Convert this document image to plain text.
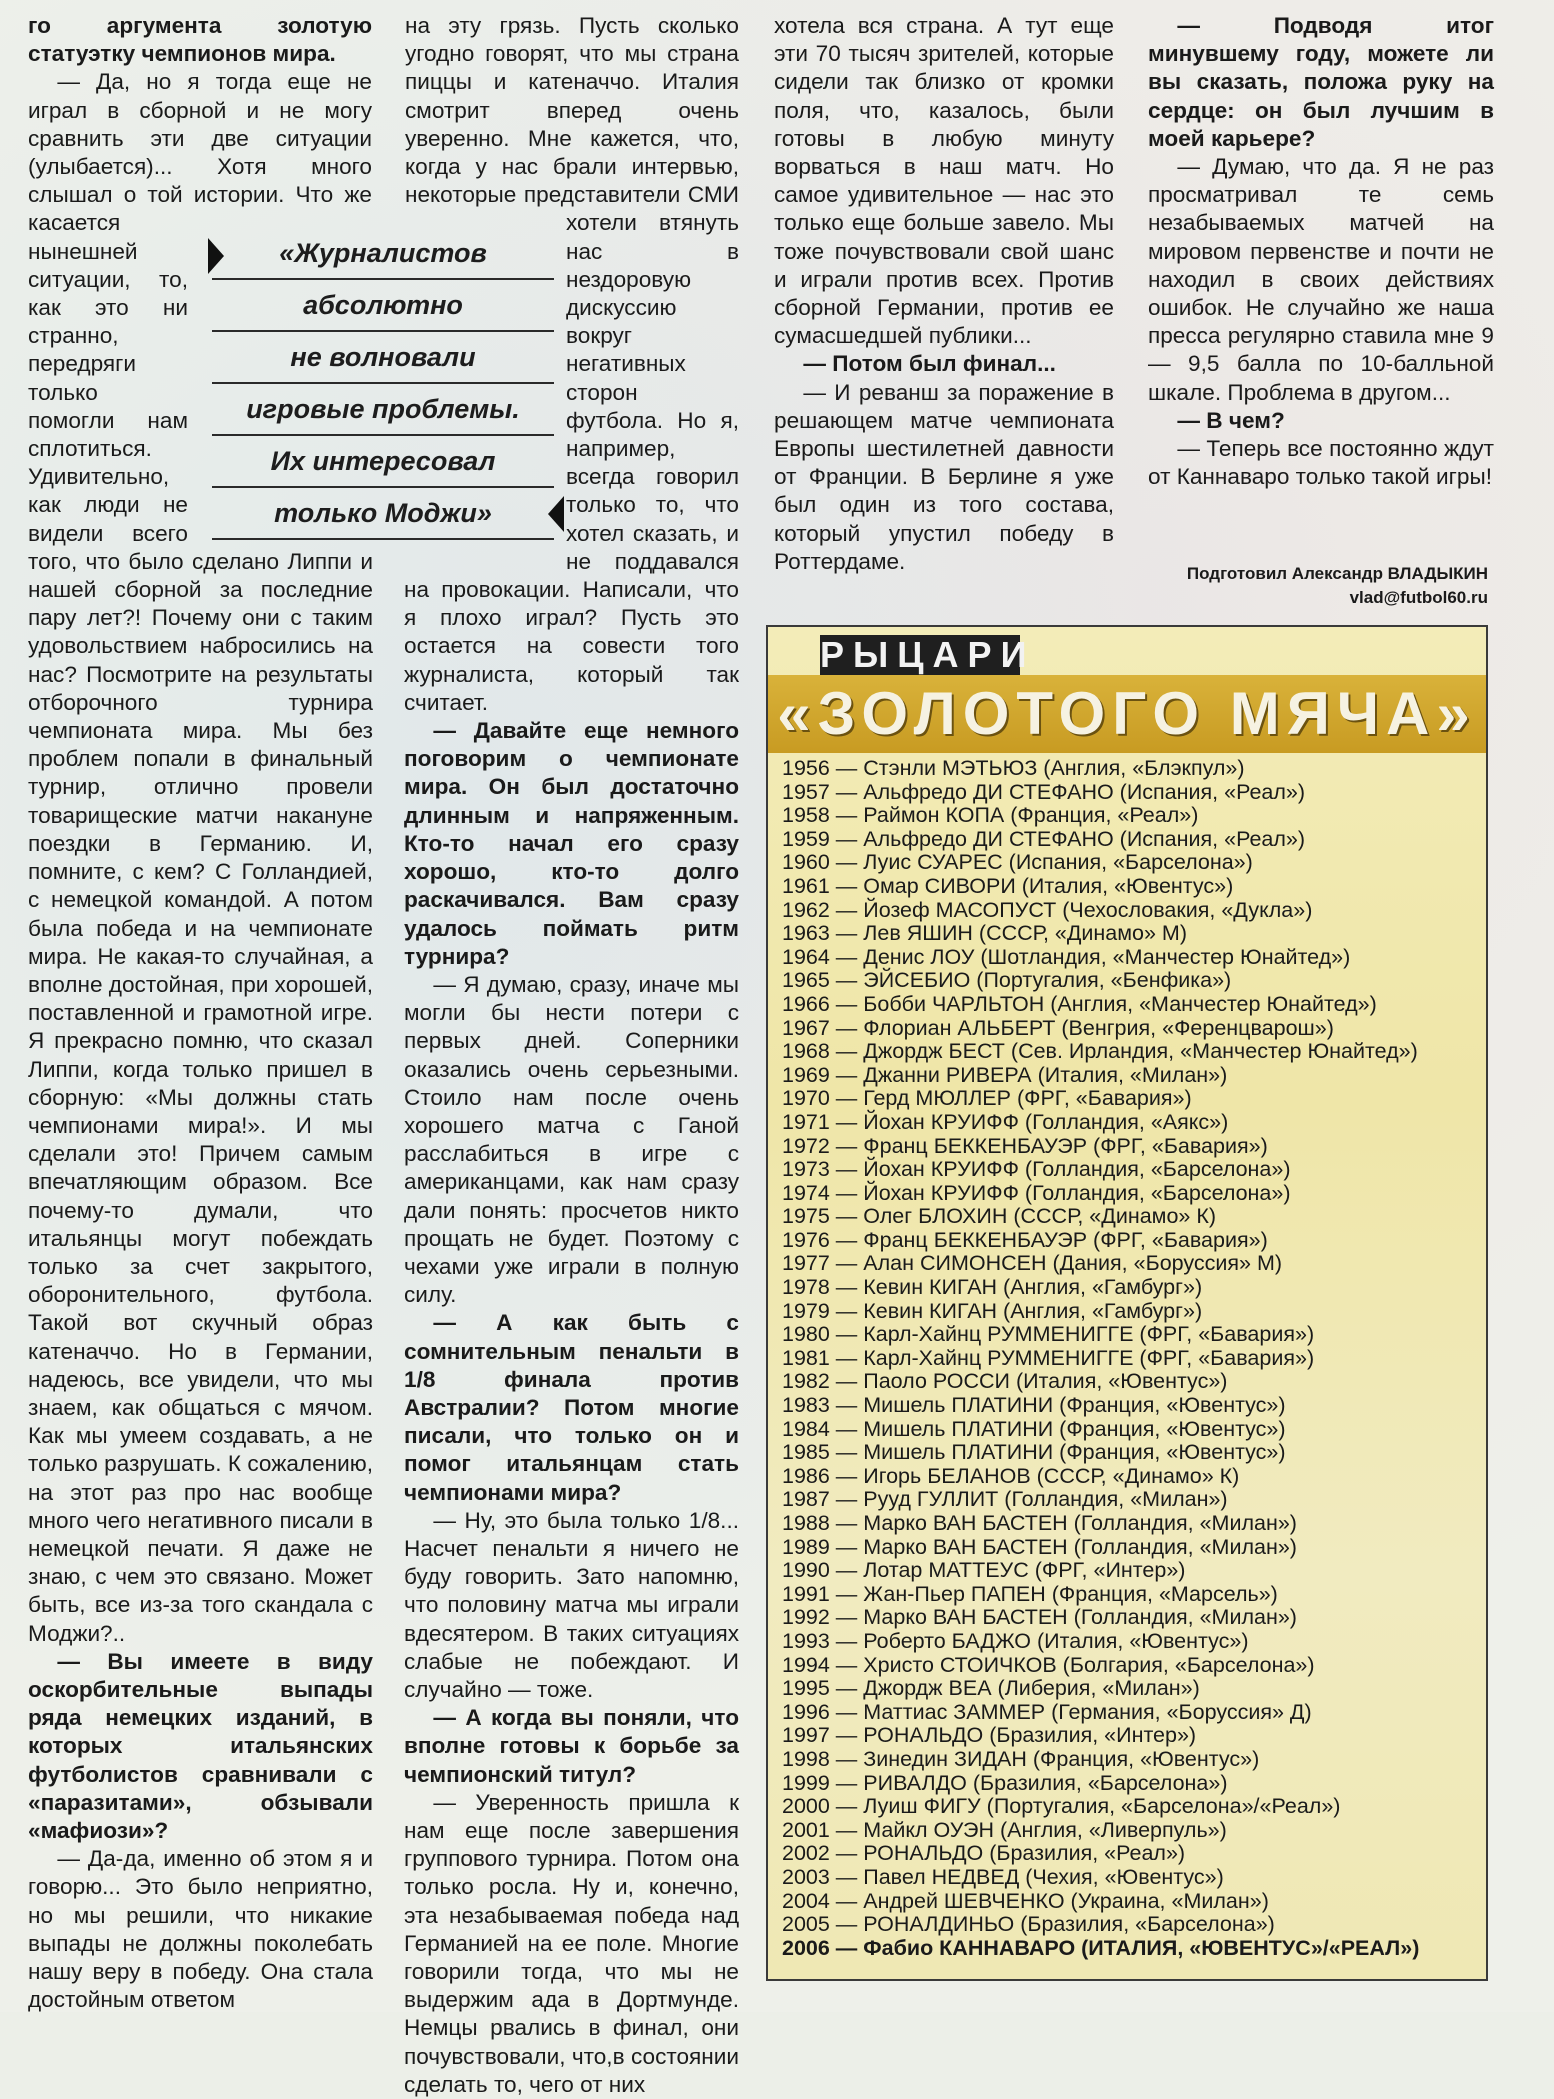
го аргумента золотую статуэтку чемпионов мира.

— Да, но я тогда еще не играл в сборной и не могу сравнить эти две ситуации (улыбается)... Хотя много слышал о той истории. Что же касается нынешней ситуации, то, как это ни странно, передряги только помогли нам сплотиться. Удивительно, как люди не видели всего того, что было сделано Липпи и нашей сборной за последние пару лет?! Почему они с таким удовольствием набросились на нас? Посмотрите на результаты отборочного турнира чемпионата мира. Мы без проблем попали в финальный турнир, отлично провели товарищеские матчи накануне поездки в Германию. И, помните, с кем? С Голландией, с немецкой командой. А потом была победа и на чемпионате мира. Не какая-то случайная, а вполне достойная, при хорошей, поставленной и грамотной игре. Я прекрасно помню, что сказал Липпи, когда только пришел в сборную: «Мы должны стать чемпионами мира!». И мы сделали это! Причем самым впечатляющим образом. Все почему-то думали, что итальянцы могут побеждать только за счет закрытого, оборонительного, футбола. Такой вот скучный образ катеначчо. Но в Германии, надеюсь, все увидели, что мы знаем, как общаться с мячом. Как мы умеем создавать, а не только разрушать. К сожалению, на этот раз про нас вообще много чего негативного писали в немецкой печати. Я даже не знаю, с чем это связано. Может быть, все из-за того скандала с Моджи?..

— Вы имеете в виду оскорбительные выпады ряда немецких изданий, в которых итальянских футболистов сравнивали с «паразитами», обзывали «мафиози»?

— Да-да, именно об этом я и говорю... Это было неприятно, но мы решили, что никакие выпады не должны поколебать нашу веру в победу. Она стала достойным ответом

на эту грязь. Пусть сколько угодно говорят, что мы страна пиццы и катеначчо. Италия смотрит вперед очень уверенно. Мне кажется, что, когда у нас брали интервью, некоторые представители СМИ хотели втянуть нас в нездоровую дискуссию вокруг негативных сторон футбола. Но я, например, всегда говорил только то, что хотел сказать, и не поддавался на провокации. Написали, что я плохо играл? Пусть это остается на совести того журналиста, который так считает.

— Давайте еще немного поговорим о чемпионате мира. Он был достаточно длинным и напряженным. Кто-то начал его сразу хорошо, кто-то долго раскачивался. Вам сразу удалось поймать ритм турнира?

— Я думаю, сразу, иначе мы могли бы нести потери с первых дней. Соперники оказались очень серьезными. Стоило нам после очень хорошего матча с Ганой расслабиться в игре с американцами, как нам сразу дали понять: просчетов никто прощать не будет. Поэтому с чехами уже играли в полную силу.

— А как быть с сомнительным пенальти в 1/8 финала против Австралии? Потом многие писали, что только он и помог итальянцам стать чемпионами мира?

— Ну, это была только 1/8... Насчет пенальти я ничего не буду говорить. Зато напомню, что половину матча мы играли вдесятером. В таких ситуациях слабые не побеждают. И случайно — тоже.

— А когда вы поняли, что вполне готовы к борьбе за чемпионский титул?

— Уверенность пришла к нам еще после завершения группового турнира. Потом она только росла. Ну и, конечно, эта незабываемая победа над Германией на ее поле. Многие говорили тогда, что мы не выдержим ада в Дортмунде. Немцы рвались в финал, они почувствовали, что,в состоянии сделать то, чего от них

хотела вся страна. А тут еще эти 70 тысяч зрителей, которые сидели так близко от кромки поля, что, казалось, были готовы в любую минуту ворваться в наш матч. Но самое удивительное — нас это только еще больше завело. Мы тоже почувствовали свой шанс и играли против всех. Против сборной Германии, против ее сумасшедшей публики...

— Потом был финал...

— И реванш за поражение в решающем матче чемпионата Европы шестилетней давности от Франции. В Берлине я уже был один из того состава, который упустил победу в Роттердаме.

— Подводя итог минувшему году, можете ли вы сказать, положа руку на сердце: он был лучшим в моей карьере?

— Думаю, что да. Я не раз просматривал те семь незабываемых матчей на мировом первенстве и почти не находил в своих действиях ошибок. Не случайно же наша пресса регулярно ставила мне 9 — 9,5 балла по 10-балльной шкале. Проблема в другом...

— В чем?

— Теперь все постоянно ждут от Каннаваро только такой игры!

«Журналистов
абсолютно
не волновали
игровые проблемы.
Их интересовал
только Моджи»
Подготовил Александр ВЛАДЫКИН
vlad@futbol60.ru
РЫЦАРИ
«ЗОЛОТОГО МЯЧА»
1956 — Стэнли МЭТЬЮЗ (Англия, «Блэкпул»)
1957 — Альфредо ДИ СТЕФАНО (Испания, «Реал»)
1958 — Раймон КОПА (Франция, «Реал»)
1959 — Альфредо ДИ СТЕФАНО (Испания, «Реал»)
1960 — Луис СУАРЕС (Испания, «Барселона»)
1961 — Омар СИВОРИ (Италия, «Ювентус»)
1962 — Йозеф МАСОПУСТ (Чехословакия, «Дукла»)
1963 — Лев ЯШИН (СССР, «Динамо» М)
1964 — Денис ЛОУ (Шотландия, «Манчестер Юнайтед»)
1965 — ЭЙСЕБИО (Португалия, «Бенфика»)
1966 — Бобби ЧАРЛЬТОН (Англия, «Манчестер Юнайтед»)
1967 — Флориан АЛЬБЕРТ (Венгрия, «Ференцварош»)
1968 — Джордж БЕСТ (Сев. Ирландия, «Манчестер Юнайтед»)
1969 — Джанни РИВЕРА (Италия, «Милан»)
1970 — Герд МЮЛЛЕР (ФРГ, «Бавария»)
1971 — Йохан КРУИФФ (Голландия, «Аякс»)
1972 — Франц БЕККЕНБАУЭР (ФРГ, «Бавария»)
1973 — Йохан КРУИФФ (Голландия, «Барселона»)
1974 — Йохан КРУИФФ (Голландия, «Барселона»)
1975 — Олег БЛОХИН (СССР, «Динамо» К)
1976 — Франц БЕККЕНБАУЭР (ФРГ, «Бавария»)
1977 — Алан СИМОНСЕН (Дания, «Боруссия» М)
1978 — Кевин КИГАН (Англия, «Гамбург»)
1979 — Кевин КИГАН (Англия, «Гамбург»)
1980 — Карл-Хайнц РУММЕНИГГЕ (ФРГ, «Бавария»)
1981 — Карл-Хайнц РУММЕНИГГЕ (ФРГ, «Бавария»)
1982 — Паоло РОССИ (Италия, «Ювентус»)
1983 — Мишель ПЛАТИНИ (Франция, «Ювентус»)
1984 — Мишель ПЛАТИНИ (Франция, «Ювентус»)
1985 — Мишель ПЛАТИНИ (Франция, «Ювентус»)
1986 — Игорь БЕЛАНОВ (СССР, «Динамо» К)
1987 — Рууд ГУЛЛИТ (Голландия, «Милан»)
1988 — Марко ВАН БАСТЕН (Голландия, «Милан»)
1989 — Марко ВАН БАСТЕН (Голландия, «Милан»)
1990 — Лотар МАТТЕУС (ФРГ, «Интер»)
1991 — Жан-Пьер ПАПЕН (Франция, «Марсель»)
1992 — Марко ВАН БАСТЕН (Голландия, «Милан»)
1993 — Роберто БАДЖО (Италия, «Ювентус»)
1994 — Христо СТОИЧКОВ (Болгария, «Барселона»)
1995 — Джордж ВЕА (Либерия, «Милан»)
1996 — Маттиас ЗАММЕР (Германия, «Боруссия» Д)
1997 — РОНАЛЬДО (Бразилия, «Интер»)
1998 — Зинедин ЗИДАН (Франция, «Ювентус»)
1999 — РИВАЛДО (Бразилия, «Барселона»)
2000 — Луиш ФИГУ (Португалия, «Барселона»/«Реал»)
2001 — Майкл ОУЭН (Англия, «Ливерпуль»)
2002 — РОНАЛЬДО (Бразилия, «Реал»)
2003 — Павел НЕДВЕД (Чехия, «Ювентус»)
2004 — Андрей ШЕВЧЕНКО (Украина, «Милан»)
2005 — РОНАЛДИНЬО (Бразилия, «Барселона»)
2006 — Фабио КАННАВАРО (ИТАЛИЯ, «ЮВЕНТУС»/«РЕАЛ»)
